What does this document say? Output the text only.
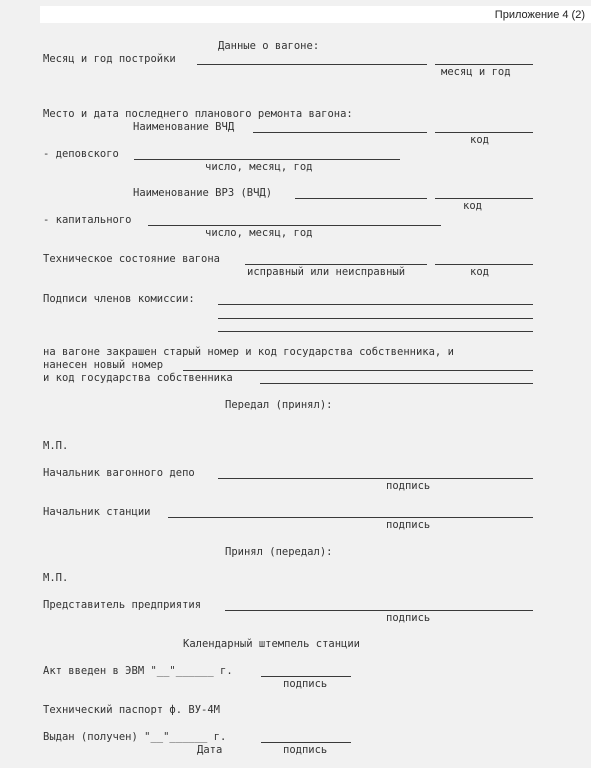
Приложение 4 (2)
Данные о вагоне:
Месяц и год постройки
месяц и год
Место и дата последнего планового ремонта вагона:
Наименование ВЧД
код
- деповского
число, месяц, год
Наименование ВРЗ (ВЧД)
код
- капитального
число, месяц, год
Техническое состояние вагона
исправный или неисправный	код
Подписи членов комиссии:
на вагоне закрашен старый номер и код государства собственника, и
нанесен новый номер
и код государства собственника
Передал (принял):
М.П.
Начальник вагонного депо
подпись
Начальник станции
подпись
Принял (передал):
М.П.
Представитель предприятия
подпись
Календарный штемпель станции
Акт введен в ЭВМ "__"______ г.
подпись
Технический паспорт ф. ВУ-4М
Выдан (получен) "__"______ г.
Дата	подпись
